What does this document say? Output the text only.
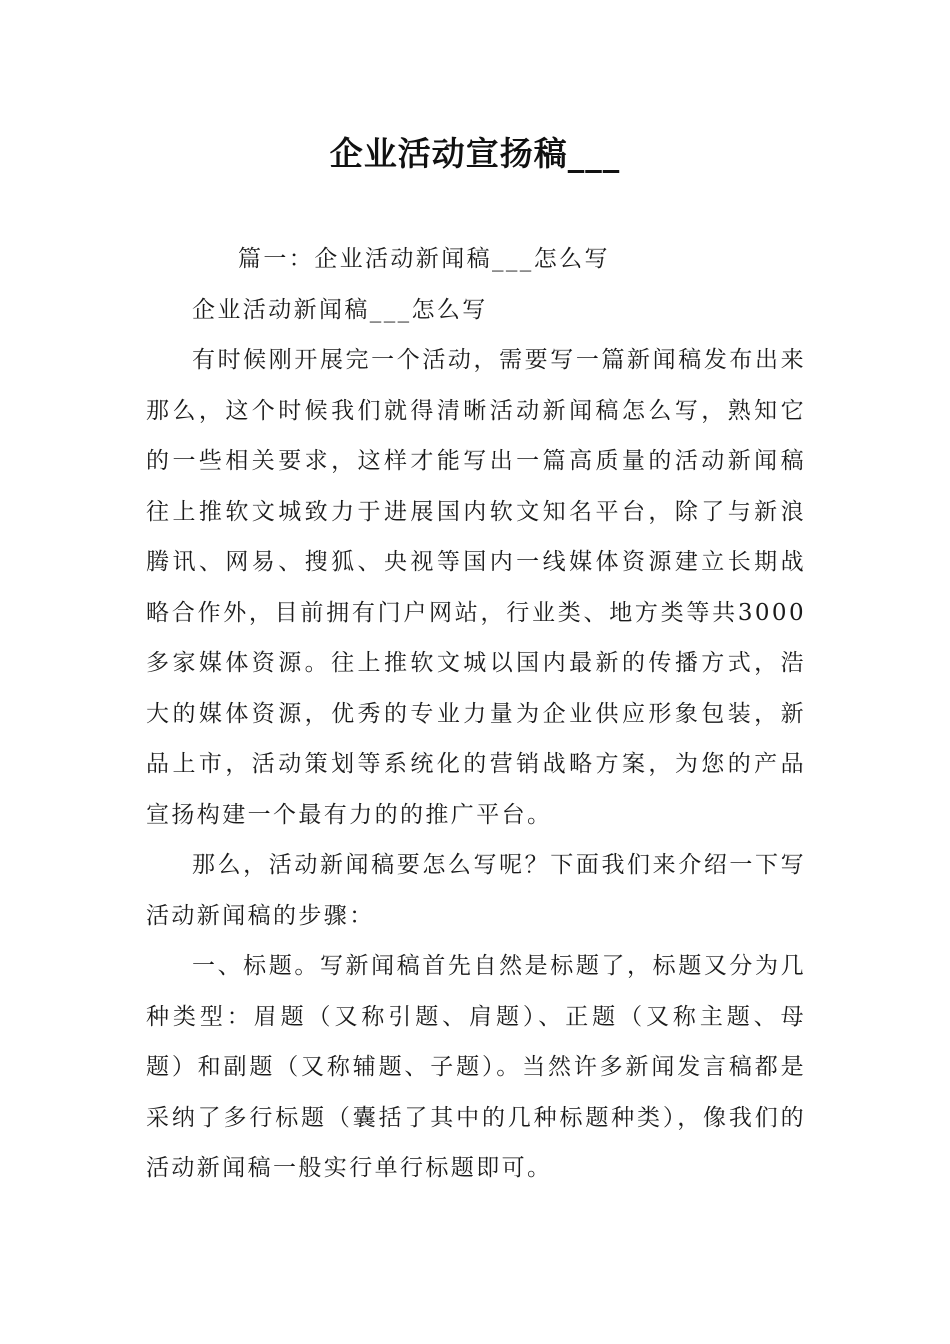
企业活动宣扬稿___

篇一：企业活动新闻稿___怎么写

企业活动新闻稿___怎么写

有时候刚开展完一个活动，需要写一篇新闻稿发布出来那么，这个时候我们就得清晰活动新闻稿怎么写，熟知它的一些相关要求，这样才能写出一篇高质量的活动新闻稿往上推软文城致力于进展国内软文知名平台，除了与新浪腾讯、网易、搜狐、央视等国内一线媒体资源建立长期战略合作外，目前拥有门户网站，行业类、地方类等共3000多家媒体资源。往上推软文城以国内最新的传播方式，浩大的媒体资源，优秀的专业力量为企业供应形象包装，新品上市，活动策划等系统化的营销战略方案，为您的产品宣扬构建一个最有力的的推广平台。

那么，活动新闻稿要怎么写呢？下面我们来介绍一下写活动新闻稿的步骤：

一、标题。写新闻稿首先自然是标题了，标题又分为几种类型：眉题（又称引题、肩题）、正题（又称主题、母题）和副题（又称辅题、子题）。当然许多新闻发言稿都是采纳了多行标题（囊括了其中的几种标题种类），像我们的活动新闻稿一般实行单行标题即可。
